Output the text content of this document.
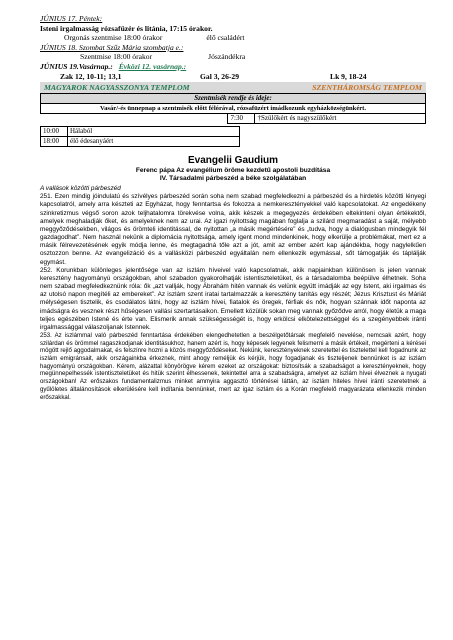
JÚNIUS 17. Péntek:
Isteni irgalmasság rózsafüzér és litánia, 17:15 órakor.
Orgonás szentmise 18:00 órakor	élő családért
JÚNIUS 18. Szombat Szűz Mária szombatja e.:
Szentmise 18:00 órakor	Jószándékra
JÚNIUS 19.Vasárnap.: Évközi 12. vasárnap.:
Zak 12, 10-11; 13,1	Gal 3, 26-29	Lk 9, 18-24
MAGYAROK NAGYASSZONYA TEMPLOM	SZENTHÁROMSÁG TEMPLOM
Szentmisék rendje és ideje:
Vasár/-és ünnepnap a szentmisék előtt félórával, rózsafüzért imádkozunk egyházközségünkért.
	7:30	†Szülőkért és nagyszülőkért
10:00	Hálaból
18:00	élő édesanyáért
Evangelii Gaudium
Ferenc pápa Az evangélium öröme kezdetű apostoli buzdítása
IV. Társadalmi párbeszéd a béke szolgálatában
A vallások közötti párbeszéd

251. Ezen mindig jóindulatú és szívélyes párbeszéd során soha nem szabad megfeledkezni a párbeszéd és a hirdetés közötti lényegi kapcsolatról, amely arra készteti az Egyházat, hogy fenntartsa és fokozza a nemkeresztényekkel való kapcsolatokat. Az engedékeny szinkretizmus végső soron azok teljhatalomra törekvése volna, akik készek a megegyezés érdekében eltekinteni olyan értékektől, amelyek meghaladják őket, és amelyeknek nem az urai. Az igazi nyitottság magában foglalja a szilárd megmaradást a saját, mélyebb meggyőződésekben, világos és örömteli identitással, de nyitottan „a másik megértésére” és „tudva, hogy a dialógusban mindegyik fél gazdagodhat”. Nem használ nekünk a diplomácia nyitottsága, amely igent mond mindenkinek, hogy elkerülje a problémákat, mert ez a másik félrevezetésének egyik módja lenne, és megtagadná tőle azt a jót, amit az ember azért kap ajándékba, hogy nagylelkűen osztozzon benne. Az evangelizáció és a vallásközi párbeszéd egyáltalán nem ellenkezik egymással, sőt támogatják és táplálják egymást.

252. Korunkban különleges jelentősége van az iszlám híveivel való kapcsolatnak, akik napjainkban különösen is jelen vannak keresztény hagyományú országokban, ahol szabadon gyakorolhatják istentiszteletüket, és a társadalomba beépülve élhetnek. Soha nem szabad megfeledkeznünk róla: ők „azt vallják, hogy Ábrahám hitén vannak és velünk együtt imádják az egy Istent, aki irgalmas és az utolsó napon megítéli az embereket”. Az iszlám szent iratai tartalmazzák a keresztény tanítás egy részét; Jézus Krisztust és Máriát mélységesen tisztelik, és csodálatos látni, hogy az iszlám hívei, fiatalok és öregek, férfiak és nők, hogyan szánnak időt naponta az imádságra és vesznek részt hűségesen vallási szertartásaikon. Emellett közülük sokan meg vannak győződve arról, hogy életük a maga teljes egészében Istené és érte van. Elismerik annak szükségességét is, hogy erkölcsi elkötelezettséggel és a szegényebbek iránti irgalmassággal válaszoljanak Istennek.

253. Az iszlámmal való párbeszéd fenntartása érdekében elengedhetetlen a beszélgetőtársak megfelelő nevelése, nemcsak azért, hogy szilárdan és örömmel ragaszkodjanak identitásukhoz, hanem azért is, hogy képesek legyenek felismerni a másik értékeit, megérteni a kérései mögött rejlő aggodalmakat, és felszínre hozni a közös meggyőződéseket. Nekünk, keresztényeknek szeretettel és tisztelettel kell fogadnunk az iszlám emigránsait, akik országainkba érkeznek, mint ahogy reméljük és kérjük, hogy fogadjanak és tiszteljenek bennünket is az iszlám hagyományú országokban. Kérem, alázattal könyörögve kérem ezeket az országokat: biztosítsák a szabadságot a keresztényeknek, hogy megünnepelhessék istentiszteletüket és hitük szerint élhessenek, tekintettel arra a szabadságra, amelyet az iszlám hívei élveznek a nyugati országokban! Az erőszakos fundamentalizmus minket ammyira aggasztó történései láttán, az iszlám hiteles hívei iránti szeretetnek a gyűlöletes általánosítások elkerülésére kell indítania bennünket, mert az igaz iszlám és a Korán megfelelő magyarázata ellenkezik minden erőszakkal.
